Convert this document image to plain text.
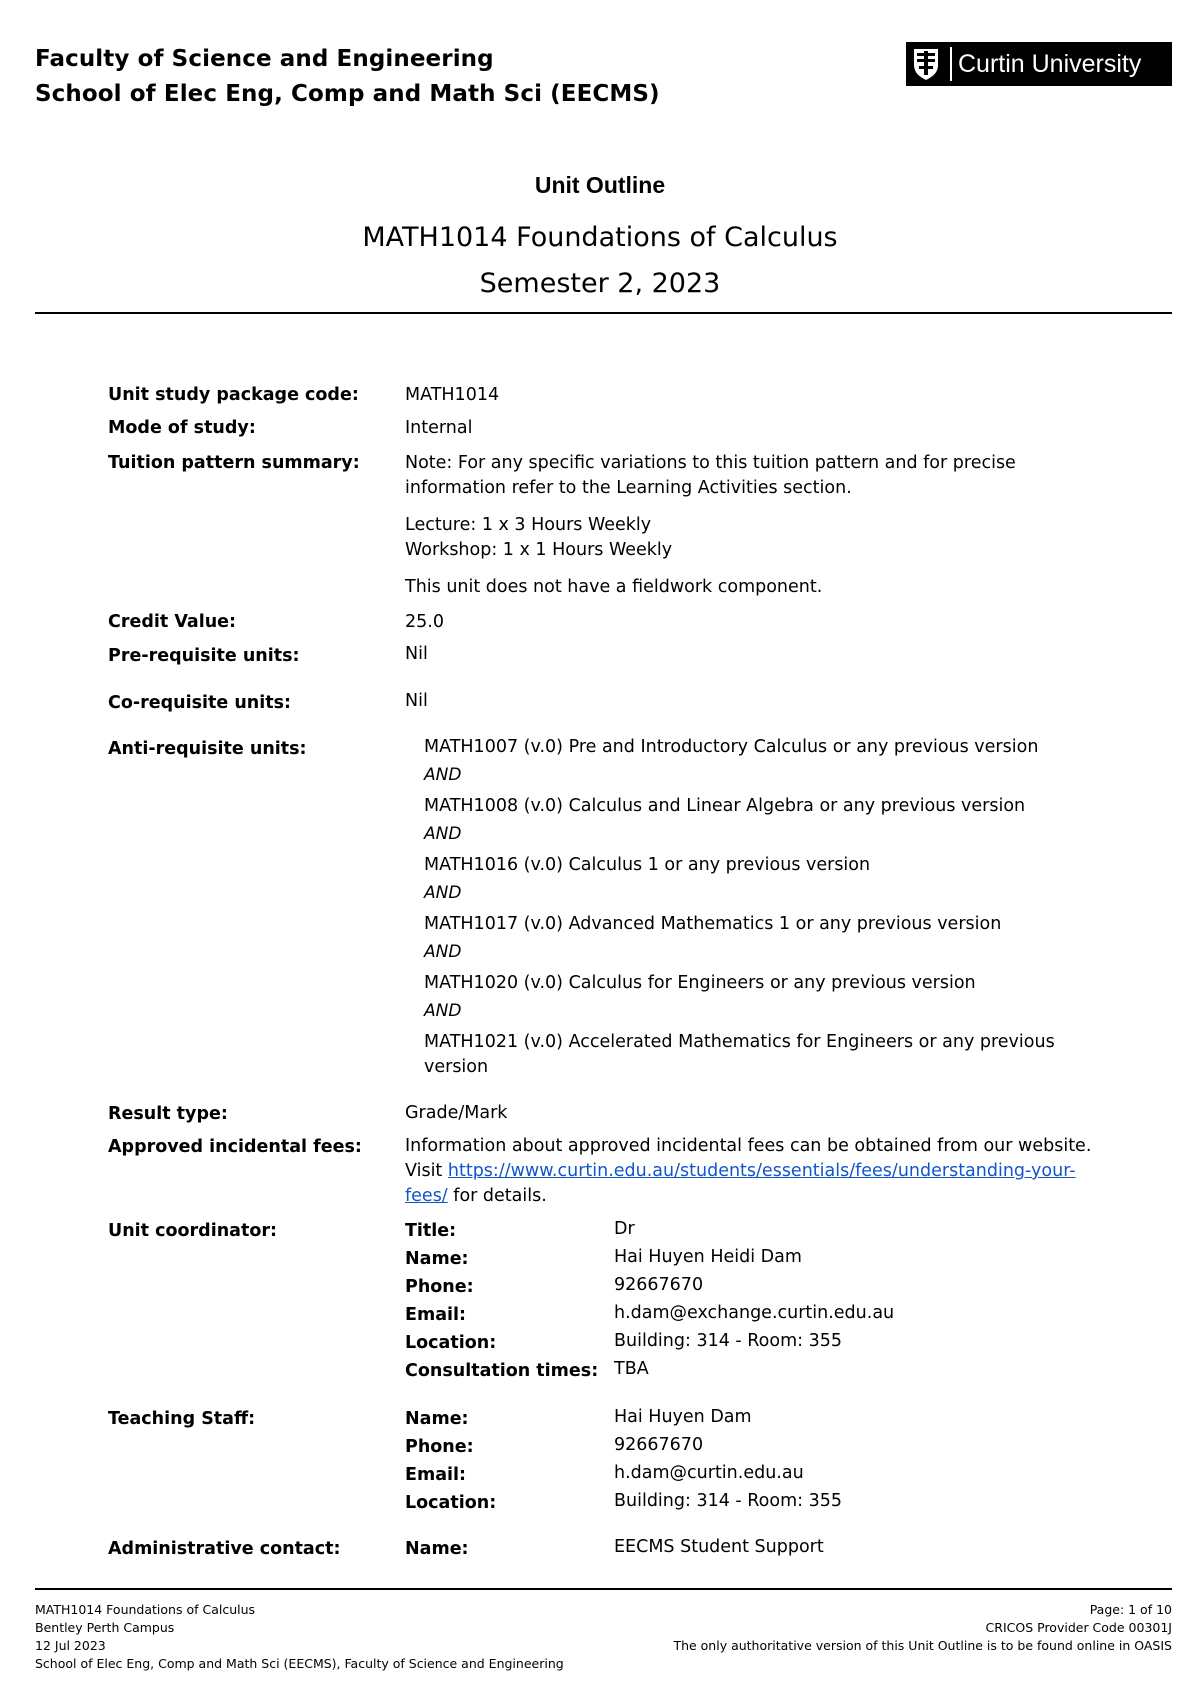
Faculty of Science and Engineering
School of Elec Eng, Comp and Math Sci (EECMS)
Curtin University
Unit Outline
MATH1014 Foundations of Calculus
Semester 2, 2023
Unit study package code:	MATH1014
Mode of study:	Internal
Tuition pattern summary:	Note: For any specific variations to this tuition pattern and for precise
information refer to the Learning Activities section.
Lecture: 1 x 3 Hours Weekly
Workshop: 1 x 1 Hours Weekly
This unit does not have a fieldwork component.
Credit Value:	25.0
Pre-requisite units:	Nil
Co-requisite units:	Nil
Anti-requisite units:	MATH1007 (v.0) Pre and Introductory Calculus or any previous version
AND
MATH1008 (v.0) Calculus and Linear Algebra or any previous version
AND
MATH1016 (v.0) Calculus 1 or any previous version
AND
MATH1017 (v.0) Advanced Mathematics 1 or any previous version
AND
MATH1020 (v.0) Calculus for Engineers or any previous version
AND
MATH1021 (v.0) Accelerated Mathematics for Engineers or any previous
version
Result type:	Grade/Mark
Approved incidental fees: Information about approved incidental fees can be obtained from our website.
Visit https://www.curtin.edu.au/students/essentials/fees/understanding-your-
fees/ for details.
Unit coordinator:	Title:	Dr
Name:	Hai Huyen Heidi Dam
Phone:	92667670
Email:	h.dam@exchange.curtin.edu.au
Location:	Building: 314 - Room: 355
Consultation times: TBA
Teaching Staff:	Name:	Hai Huyen Dam
Phone:	92667670
Email:	h.dam@curtin.edu.au
Location:	Building: 314 - Room: 355
Administrative contact:	Name:	EECMS Student Support
MATH1014 Foundations of Calculus
Bentley Perth Campus
12 Jul 2023
School of Elec Eng, Comp and Math Sci (EECMS), Faculty of Science and Engineering
Page: 1 of 10
CRICOS Provider Code 00301J
The only authoritative version of this Unit Outline is to be found online in OASIS
